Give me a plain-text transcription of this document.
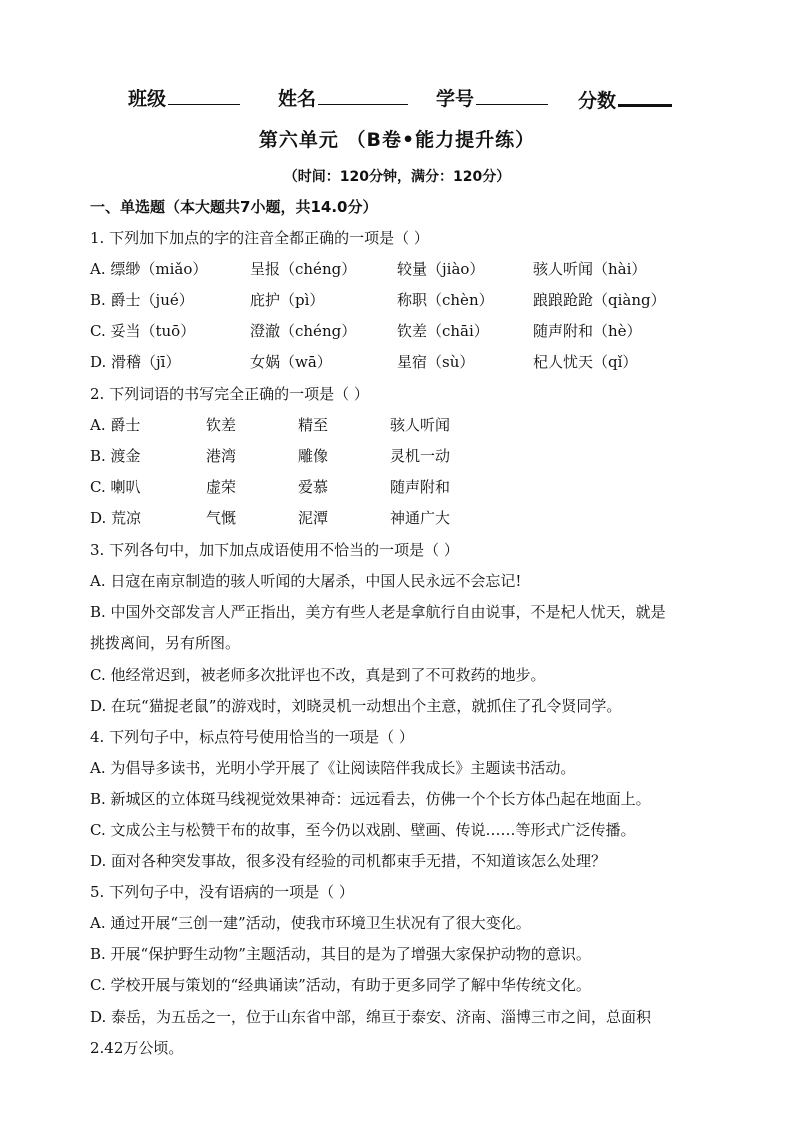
班级	姓名	学号	分数
第六单元 （B卷•能力提升练）
（时间：120分钟，满分：120分）
一、单选题（本大题共7小题，共14.0分）
1. 下列加下加点的字的注音全都正确的一项是（ ）
A. 缥缈（miǎo）	呈报（chéng）	较量（jiào）	骇人听闻（hài）
B. 爵士（jué）	庇护（pì）	称职（chèn）	踉踉跄跄（qiàng）
C. 妥当（tuō）	澄澈（chéng）	钦差（chāi）	随声附和（hè）
D. 滑稽（jī）	女娲（wā）	星宿（sù）	杞人忧天（qǐ）
2. 下列词语的书写完全正确的一项是（ ）
A. 爵士	钦差	精至	骇人听闻
B. 渡金	港湾	雕像	灵机一动
C. 喇叭	虚荣	爱慕	随声附和
D. 荒凉	气慨	泥潭	神通广大
3. 下列各句中，加下加点成语使用不恰当的一项是（ ）
A. 日寇在南京制造的骇人听闻的大屠杀，中国人民永远不会忘记!
B. 中国外交部发言人严正指出，美方有些人老是拿航行自由说事，不是杞人忧天，就是
挑拨离间，另有所图。
C. 他经常迟到，被老师多次批评也不改，真是到了不可救药的地步。
D. 在玩“猫捉老鼠”的游戏时，刘晓灵机一动想出个主意，就抓住了孔令贤同学。
4. 下列句子中，标点符号使用恰当的一项是（ ）
A. 为倡导多读书，光明小学开展了《让阅读陪伴我成长》主题读书活动。
B. 新城区的立体斑马线视觉效果神奇：远远看去，仿佛一个个长方体凸起在地面上。
C. 文成公主与松赞干布的故事，至今仍以戏剧、壁画、传说……等形式广泛传播。
D. 面对各种突发事故，很多没有经验的司机都束手无措，不知道该怎么处理？
5. 下列句子中，没有语病的一项是（ ）
A. 通过开展“三创一建”活动，使我市环境卫生状况有了很大变化。
B. 开展“保护野生动物”主题活动，其目的是为了增强大家保护动物的意识。
C. 学校开展与策划的“经典诵读”活动，有助于更多同学了解中华传统文化。
D. 泰岳，为五岳之一，位于山东省中部，绵亘于泰安、济南、淄博三市之间，总面积
2.42万公顷。
